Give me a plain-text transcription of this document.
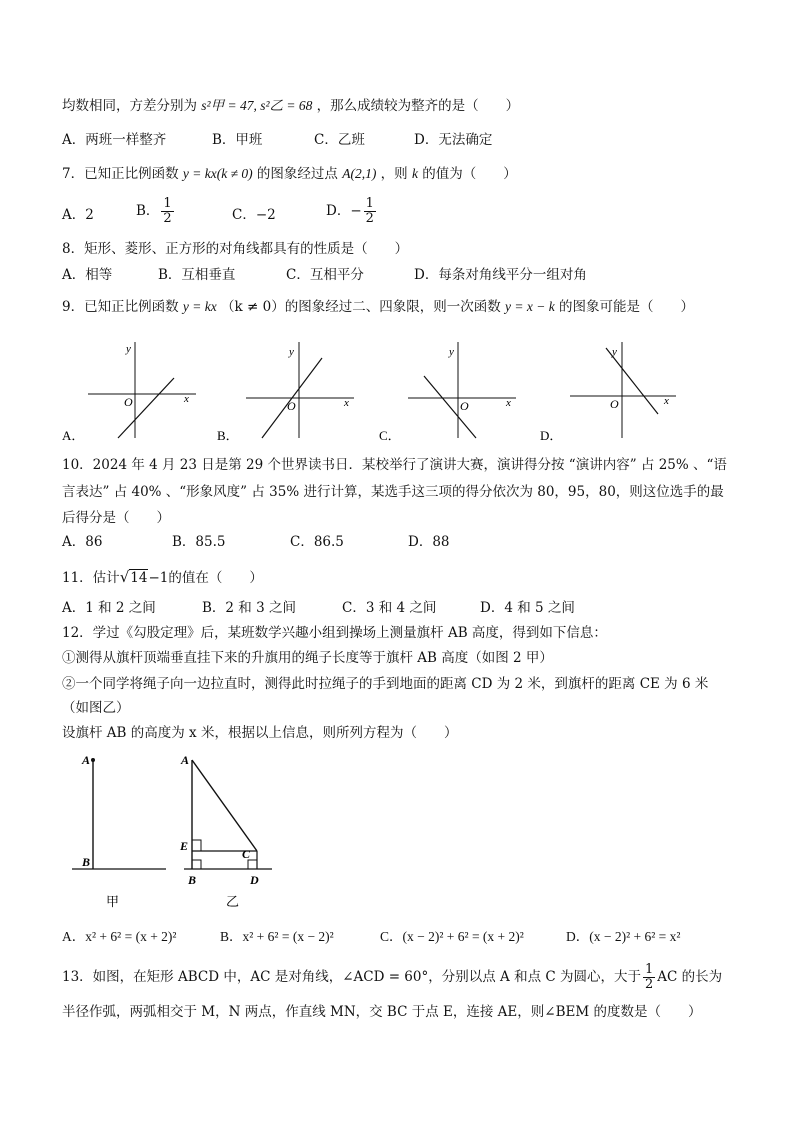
均数相同，方差分别为 s²甲 = 47, s²乙 = 68 ，那么成绩较为整齐的是（　　）
A．两班一样整齐	B．甲班	C．乙班	D．无法确定
7．已知正比例函数 y = kx(k ≠ 0) 的图象经过点 A(2,1) ，则 k 的值为（　　）
A．2	B． $\frac{1}{2}$	C．−2	D．− $\frac{1}{2}$
8．矩形、菱形、正方形的对角线都具有的性质是（　　）
A．相等	B．互相垂直	C．互相平分	D．每条对角线平分一组对角
9．已知正比例函数 y = kx （k ≠ 0）的图象经过二、四象限，则一次函数 y = x − k 的图象可能是（　　）
y
x
O
A．
y
x
O
B．
y
x
O
C．
y
x
O
D．
10．2024 年 4 月 23 日是第 29 个世界读书日．某校举行了演讲大赛，演讲得分按 “演讲内容” 占 25% 、“语
言表达” 占 40% 、“形象风度” 占 35% 进行计算，某选手这三项的得分依次为 80，95，80，则这位选手的最
后得分是（　　）
A．86	B．85.5	C．86.5	D．88
11．估计√14−1的值在（　　）
A．1 和 2 之间	B．2 和 3 之间	C．3 和 4 之间	D．4 和 5 之间
12．学过《勾股定理》后，某班数学兴趣小组到操场上测量旗杆 AB 高度，得到如下信息：
①测得从旗杆顶端垂直挂下来的升旗用的绳子长度等于旗杆 AB 高度（如图 2 甲）
②一个同学将绳子向一边拉直时，测得此时拉绳子的手到地面的距离 CD 为 2 米，到旗杆的距离 CE 为 6 米
（如图乙）
设旗杆 AB 的高度为 x 米，根据以上信息，则所列方程为（　　）
A
B
甲
A
E
C
B	D
乙
A．x² + 6² = (x + 2)²	B．x² + 6² = (x − 2)²	C．(x − 2)² + 6² = (x + 2)²	D．(x − 2)² + 6² = x²
13．如图，在矩形 ABCD 中，AC 是对角线，∠ACD = 60°，分别以点 A 和点 C 为圆心，大于 $\frac{1}{2}$ AC 的长为
半径作弧，两弧相交于 M，N 两点，作直线 MN，交 BC 于点 E，连接 AE，则∠BEM 的度数是（　　）
